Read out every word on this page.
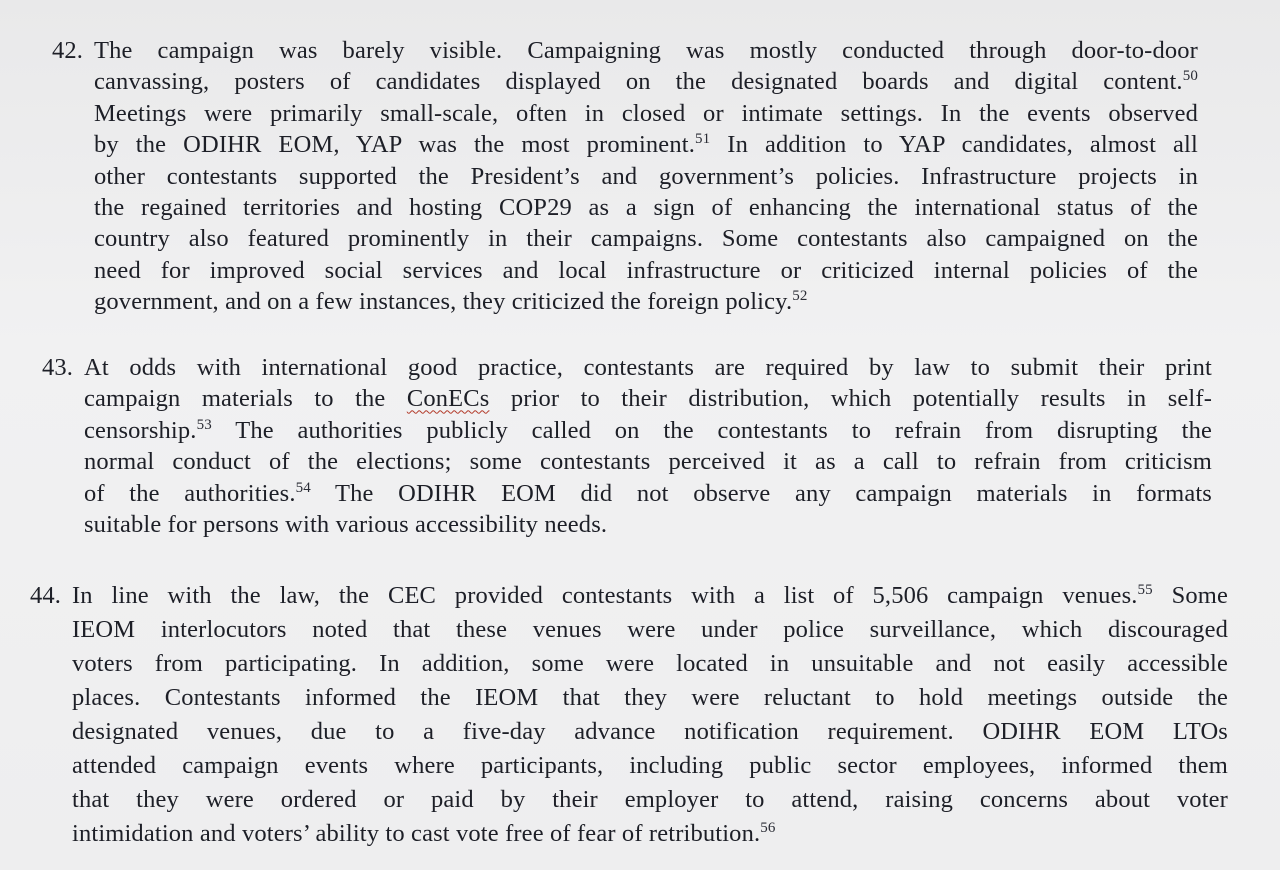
42. The campaign was barely visible. Campaigning was mostly conducted through door-to-door
canvassing, posters of candidates displayed on the designated boards and digital content.$^{50}$
Meetings were primarily small-scale, often in closed or intimate settings. In the events observed
by the ODIHR EOM, YAP was the most prominent.$^{51}$ In addition to YAP candidates, almost all
other contestants supported the President’s and government’s policies. Infrastructure projects in
the regained territories and hosting COP29 as a sign of enhancing the international status of the
country also featured prominently in their campaigns. Some contestants also campaigned on the
need for improved social services and local infrastructure or criticized internal policies of the
government, and on a few instances, they criticized the foreign policy.$^{52}$
43. At odds with international good practice, contestants are required by law to submit their print
campaign materials to the ConECs prior to their distribution, which potentially results in self-
censorship.$^{53}$ The authorities publicly called on the contestants to refrain from disrupting the
normal conduct of the elections; some contestants perceived it as a call to refrain from criticism
of the authorities.$^{54}$ The ODIHR EOM did not observe any campaign materials in formats
suitable for persons with various accessibility needs.
44. In line with the law, the CEC provided contestants with a list of 5,506 campaign venues.$^{55}$ Some
IEOM interlocutors noted that these venues were under police surveillance, which discouraged
voters from participating. In addition, some were located in unsuitable and not easily accessible
places. Contestants informed the IEOM that they were reluctant to hold meetings outside the
designated venues, due to a five-day advance notification requirement. ODIHR EOM LTOs
attended campaign events where participants, including public sector employees, informed them
that they were ordered or paid by their employer to attend, raising concerns about voter
intimidation and voters’ ability to cast vote free of fear of retribution.$^{56}$
